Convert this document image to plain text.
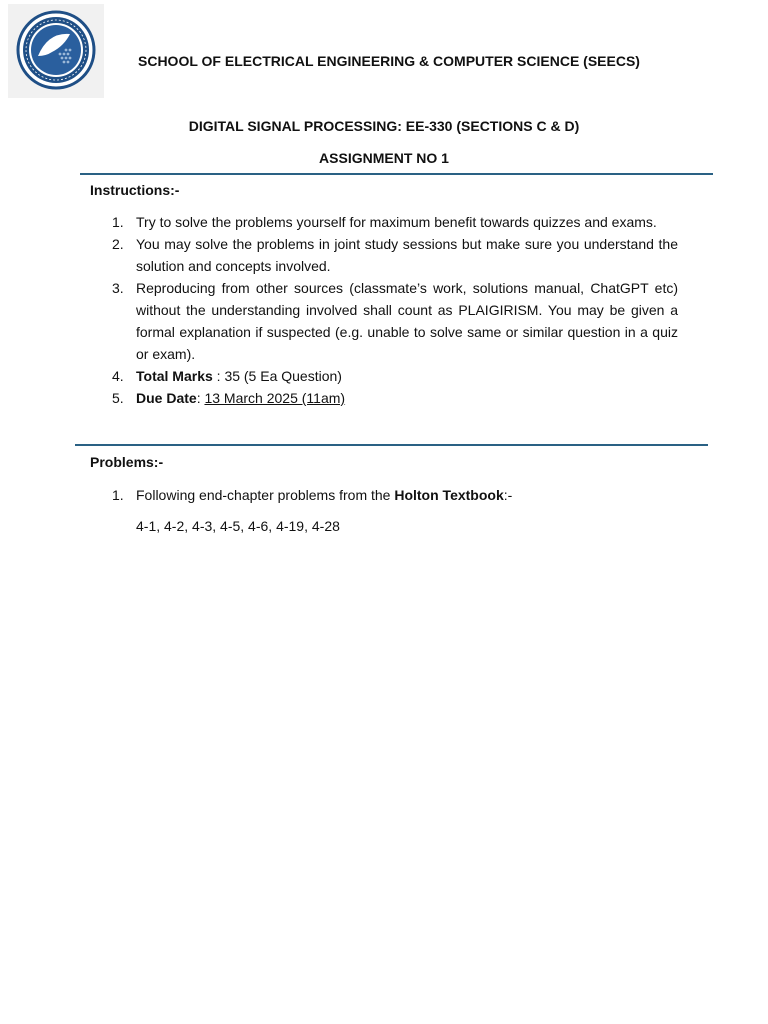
SCHOOL OF ELECTRICAL ENGINEERING & COMPUTER SCIENCE (SEECS)
DIGITAL SIGNAL PROCESSING: EE-330 (SECTIONS C & D)
ASSIGNMENT NO 1
Instructions:-
1. Try to solve the problems yourself for maximum benefit towards quizzes and exams.
2. You may solve the problems in joint study sessions but make sure you understand the solution and concepts involved.
3. Reproducing from other sources (classmate’s work, solutions manual, ChatGPT etc) without the understanding involved shall count as PLAIGIRISM. You may be given a formal explanation if suspected (e.g. unable to solve same or similar question in a quiz or exam).
4. Total Marks : 35 (5 Ea Question)
5. Due Date: 13 March 2025 (11am)
Problems:-
1. Following end-chapter problems from the Holton Textbook:-
4-1, 4-2, 4-3, 4-5, 4-6, 4-19, 4-28
